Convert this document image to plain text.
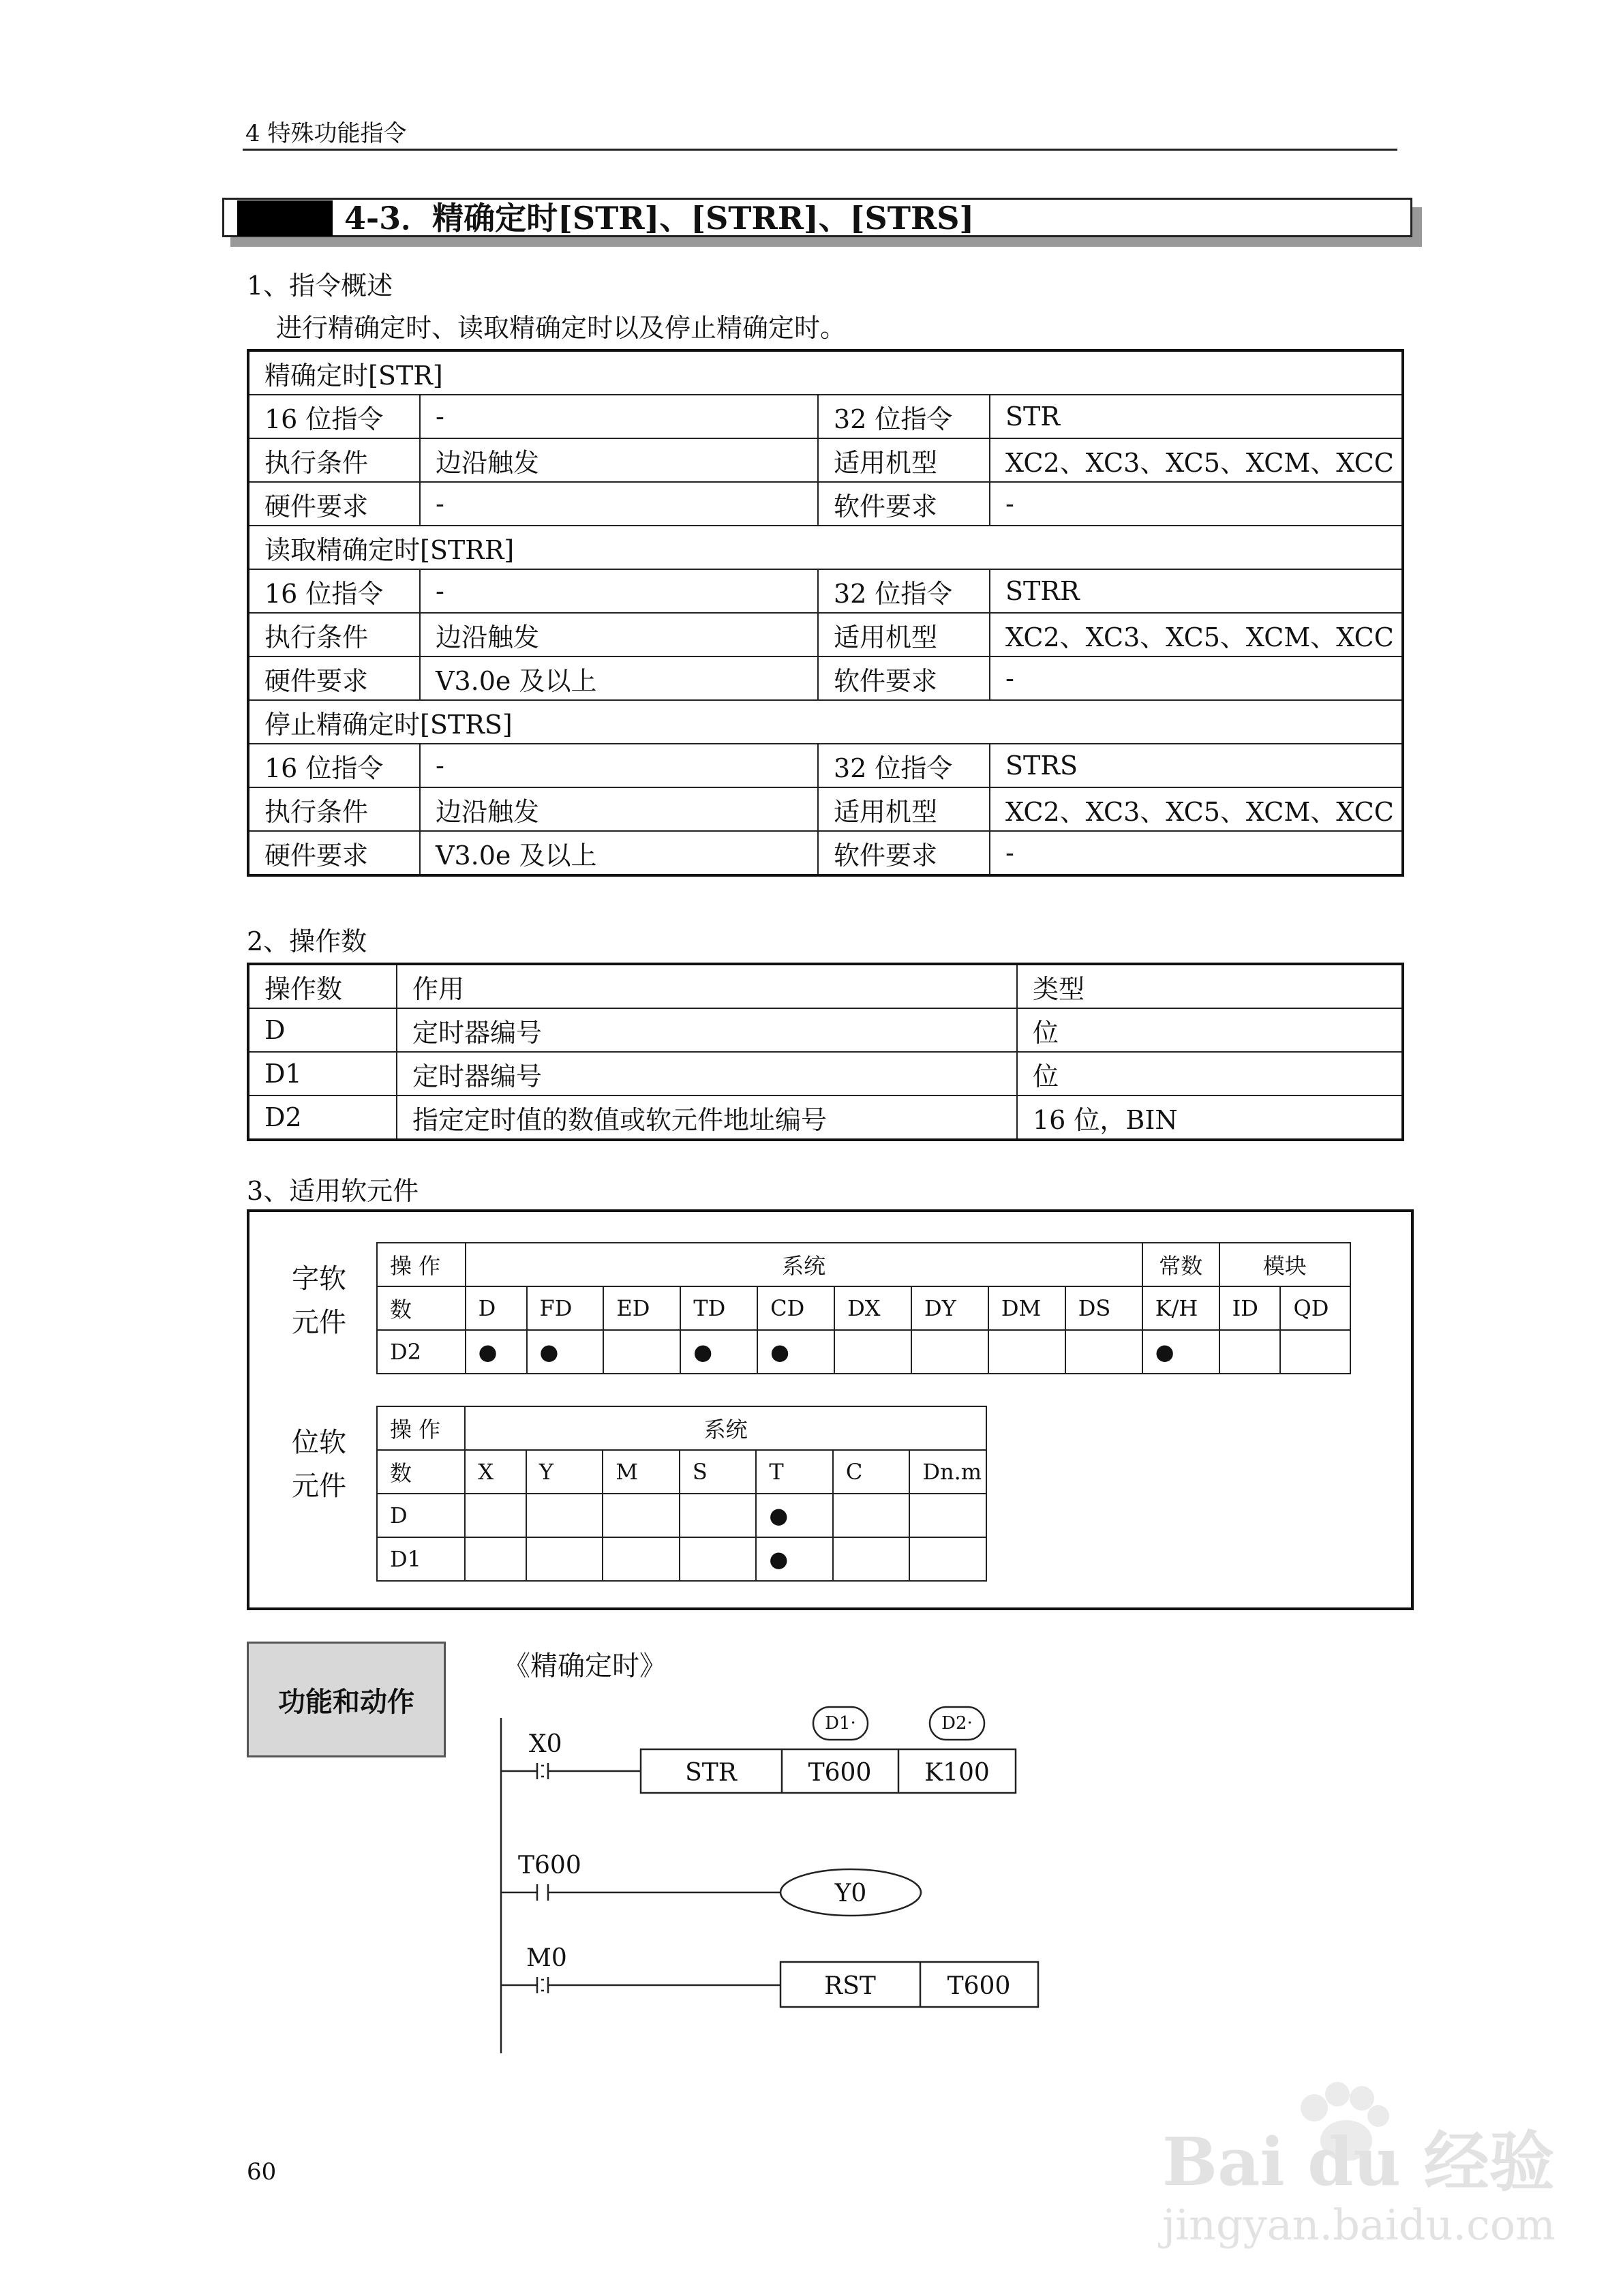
4 特殊功能指令
4-3．精确定时[STR]、[STRR]、[STRS]
1、指令概述
进行精确定时、读取精确定时以及停止精确定时。
精确定时[STR]			
16 位指令	-	32 位指令	STR
执行条件	边沿触发	适用机型	XC2、XC3、XC5、XCM、XCC
硬件要求	-	软件要求	-
读取精确定时[STRR]			
16 位指令	-	32 位指令	STRR
执行条件	边沿触发	适用机型	XC2、XC3、XC5、XCM、XCC
硬件要求	V3.0e 及以上	软件要求	-
停止精确定时[STRS]			
16 位指令	-	32 位指令	STRS
执行条件	边沿触发	适用机型	XC2、XC3、XC5、XCM、XCC
硬件要求	V3.0e 及以上	软件要求	-
2、操作数
操作数	作用	类型
D	定时器编号	位
D1	定时器编号	位
D2	指定定时值的数值或软元件地址编号	16 位，BIN
3、适用软元件
字软
元件
位软
元件
操 作	系统									常数	模块	
数	D	FD	ED	TD	CD	DX	DY	DM	DS	K/H	ID	QD
D2	●	●		●	●					●		
操 作	系统						
数	X	Y	M	S	T	C	Dn.m
D					●		
D1					●		
功能和动作
《精确定时》
X0
STR	T600 K100
D1·	D2·
T600
Y0
M0
RST	T600
Bai du 经验
jingyan.baidu.com
60
